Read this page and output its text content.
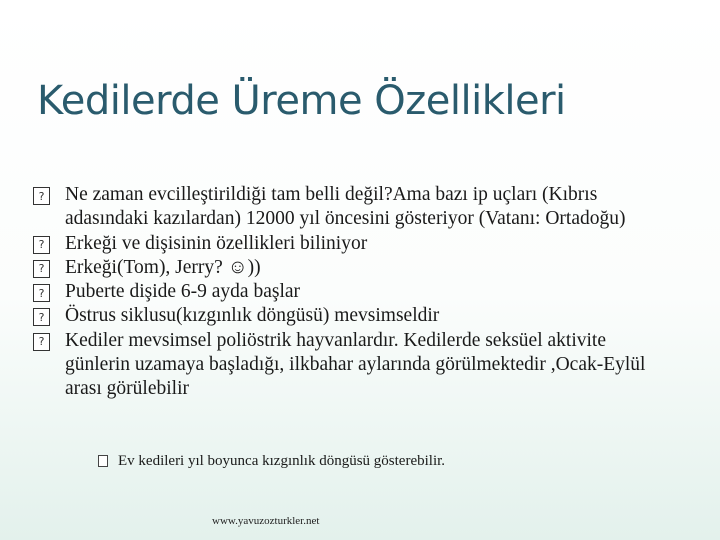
Kedilerde Üreme Özellikleri
? Ne zaman evcilleştirildiği tam belli değil?Ama bazı ip uçları (Kıbrıs adasındaki kazılardan) 12000 yıl öncesini gösteriyor (Vatanı: Ortadoğu)
? Erkeği ve dişisinin özellikleri biliniyor
? Erkeği(Tom), Jerry? ☺))
? Puberte dişide 6-9 ayda başlar
? Östrus siklusu(kızgınlık döngüsü) mevsimseldir
? Kediler mevsimsel poliöstrik hayvanlardır. Kedilerde seksüel aktivite günlerin uzamaya başladığı, ilkbahar aylarında görülmektedir ,Ocak-Eylül arası görülebilir
Ev kedileri yıl boyunca kızgınlık döngüsü gösterebilir.
www.yavuzozturkler.net
